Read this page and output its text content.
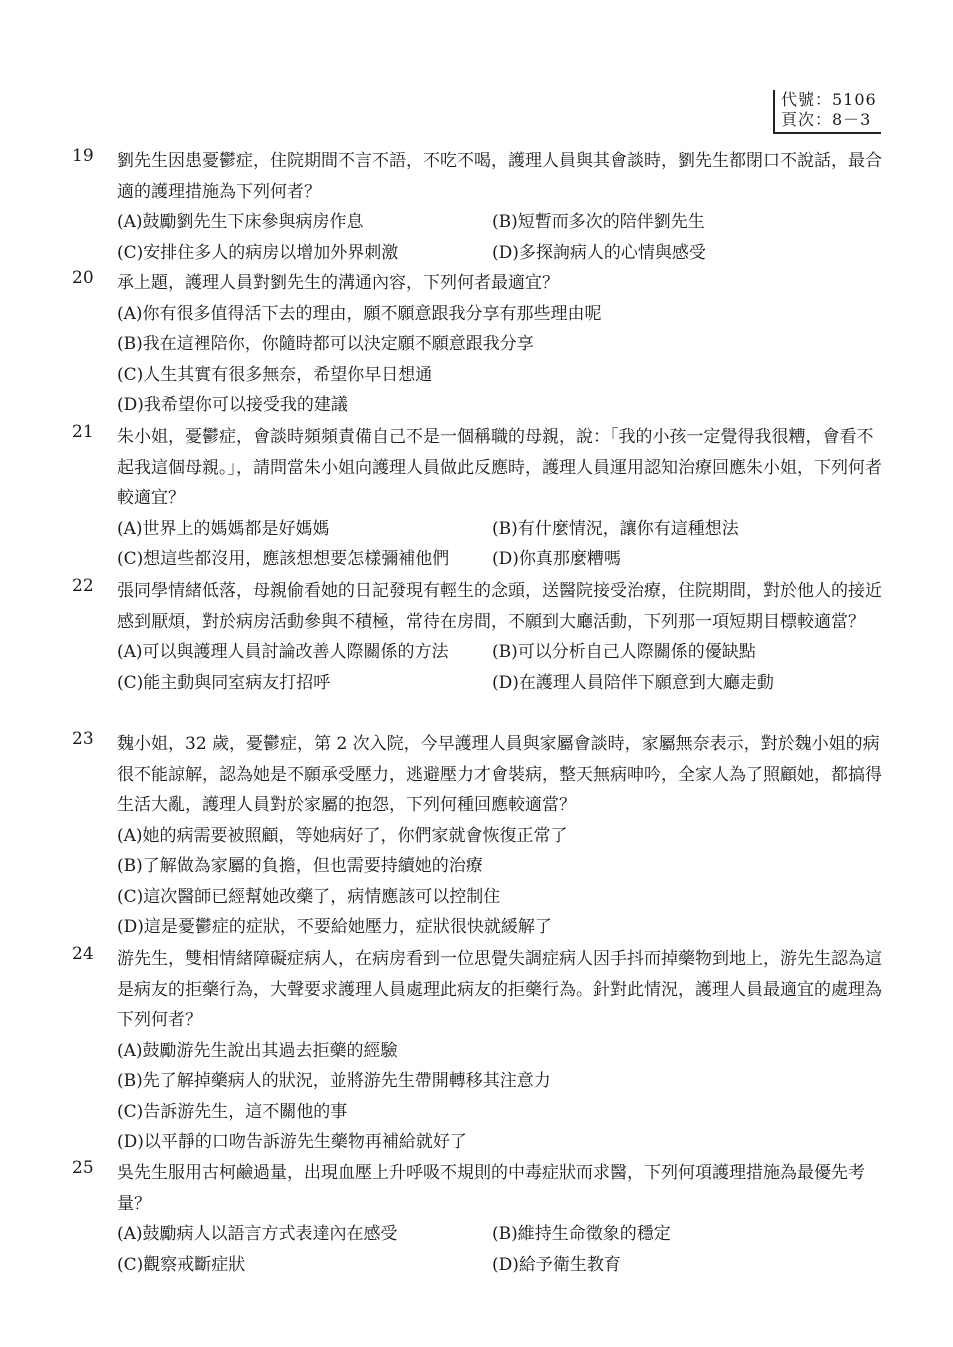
代號：5106
頁次：8－3
19	劉先生因患憂鬱症，住院期間不言不語，不吃不喝，護理人員與其會談時，劉先生都閉口不說話，最合適的護理措施為下列何者？
(A)鼓勵劉先生下床參與病房作息	(B)短暫而多次的陪伴劉先生
(C)安排住多人的病房以增加外界刺激	(D)多探詢病人的心情與感受
20	承上題，護理人員對劉先生的溝通內容，下列何者最適宜？
(A)你有很多值得活下去的理由，願不願意跟我分享有那些理由呢
(B)我在這裡陪你，你隨時都可以決定願不願意跟我分享
(C)人生其實有很多無奈，希望你早日想通
(D)我希望你可以接受我的建議
21	朱小姐，憂鬱症，會談時頻頻責備自己不是一個稱職的母親，說：「我的小孩一定覺得我很糟，會看不起我這個母親。」，請問當朱小姐向護理人員做此反應時，護理人員運用認知治療回應朱小姐，下列何者較適宜？
(A)世界上的媽媽都是好媽媽	(B)有什麼情況，讓你有這種想法
(C)想這些都沒用，應該想想要怎樣彌補他們	(D)你真那麼糟嗎
22	張同學情緒低落，母親偷看她的日記發現有輕生的念頭，送醫院接受治療，住院期間，對於他人的接近感到厭煩，對於病房活動參與不積極，常待在房間，不願到大廳活動，下列那一項短期目標較適當？
(A)可以與護理人員討論改善人際關係的方法	(B)可以分析自己人際關係的優缺點
(C)能主動與同室病友打招呼	(D)在護理人員陪伴下願意到大廳走動
23	魏小姐，32 歲，憂鬱症，第 2 次入院，今早護理人員與家屬會談時，家屬無奈表示，對於魏小姐的病很不能諒解，認為她是不願承受壓力，逃避壓力才會裝病，整天無病呻吟，全家人為了照顧她，都搞得生活大亂，護理人員對於家屬的抱怨，下列何種回應較適當？
(A)她的病需要被照顧，等她病好了，你們家就會恢復正常了
(B)了解做為家屬的負擔，但也需要持續她的治療
(C)這次醫師已經幫她改藥了，病情應該可以控制住
(D)這是憂鬱症的症狀，不要給她壓力，症狀很快就緩解了
24	游先生，雙相情緒障礙症病人，在病房看到一位思覺失調症病人因手抖而掉藥物到地上，游先生認為這是病友的拒藥行為，大聲要求護理人員處理此病友的拒藥行為。針對此情況，護理人員最適宜的處理為下列何者？
(A)鼓勵游先生說出其過去拒藥的經驗
(B)先了解掉藥病人的狀況，並將游先生帶開轉移其注意力
(C)告訴游先生，這不關他的事
(D)以平靜的口吻告訴游先生藥物再補給就好了
25	吳先生服用古柯鹼過量，出現血壓上升呼吸不規則的中毒症狀而求醫，下列何項護理措施為最優先考量？
(A)鼓勵病人以語言方式表達內在感受	(B)維持生命徵象的穩定
(C)觀察戒斷症狀	(D)給予衛生教育
